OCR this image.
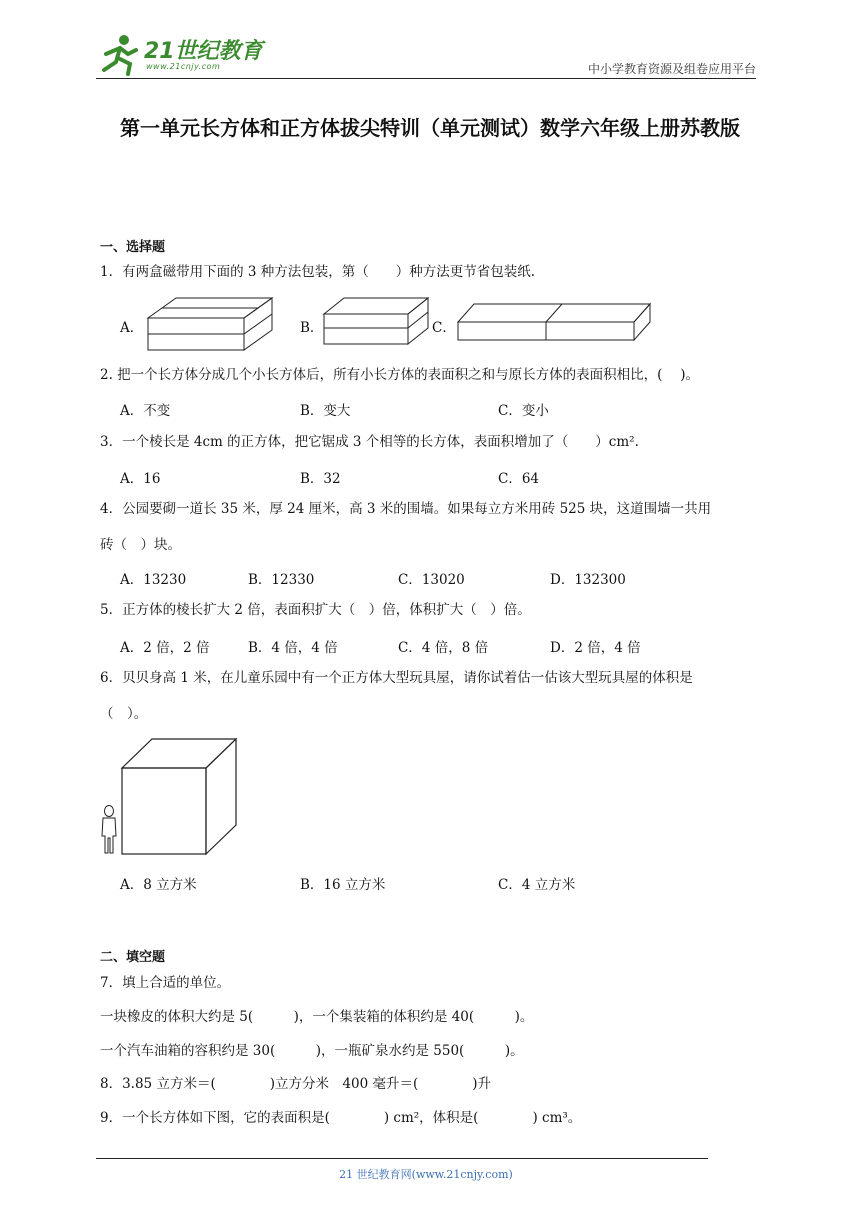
21世纪教育
www.21cnjy.com	中小学教育资源及组卷应用平台
第一单元长方体和正方体拔尖特训（单元测试）数学六年级上册苏教版
一、选择题
1．有两盒磁带用下面的 3 种方法包装，第（　　）种方法更节省包装纸.
A．	B．	C．
2. 把一个长方体分成几个小长方体后，所有小长方体的表面积之和与原长方体的表面积相比，(　 )。
A．不变	B．变大	C．变小
3．一个棱长是 4cm 的正方体，把它锯成 3 个相等的长方体，表面积增加了（　　）cm².
A．16	B．32	C．64
4．公园要砌一道长 35 米，厚 24 厘米，高 3 米的围墙。如果每立方米用砖 525 块，这道围墙一共用
砖（　）块。
A．13230	B．12330	C．13020	D．132300
5．正方体的棱长扩大 2 倍，表面积扩大（　）倍，体积扩大（　）倍。
A．2 倍，2 倍	B．4 倍，4 倍	C．4 倍，8 倍	D．2 倍，4 倍
6．贝贝身高 1 米，在儿童乐园中有一个正方体大型玩具屋，请你试着估一估该大型玩具屋的体积是
（　）。
A．8 立方米	B．16 立方米	C．4 立方米
二、填空题
7．填上合适的单位。
一块橡皮的体积大约是 5(　　　)，一个集装箱的体积约是 40(　　　)。
一个汽车油箱的容积约是 30(　　　)，一瓶矿泉水约是 550(　　　)。
8．3.85 立方米＝(　　　　)立方分米　400 毫升＝(　　　　)升
9．一个长方体如下图，它的表面积是(　　　　) cm²，体积是(　　　　) cm³。
21 世纪教育网(www.21cnjy.com)
